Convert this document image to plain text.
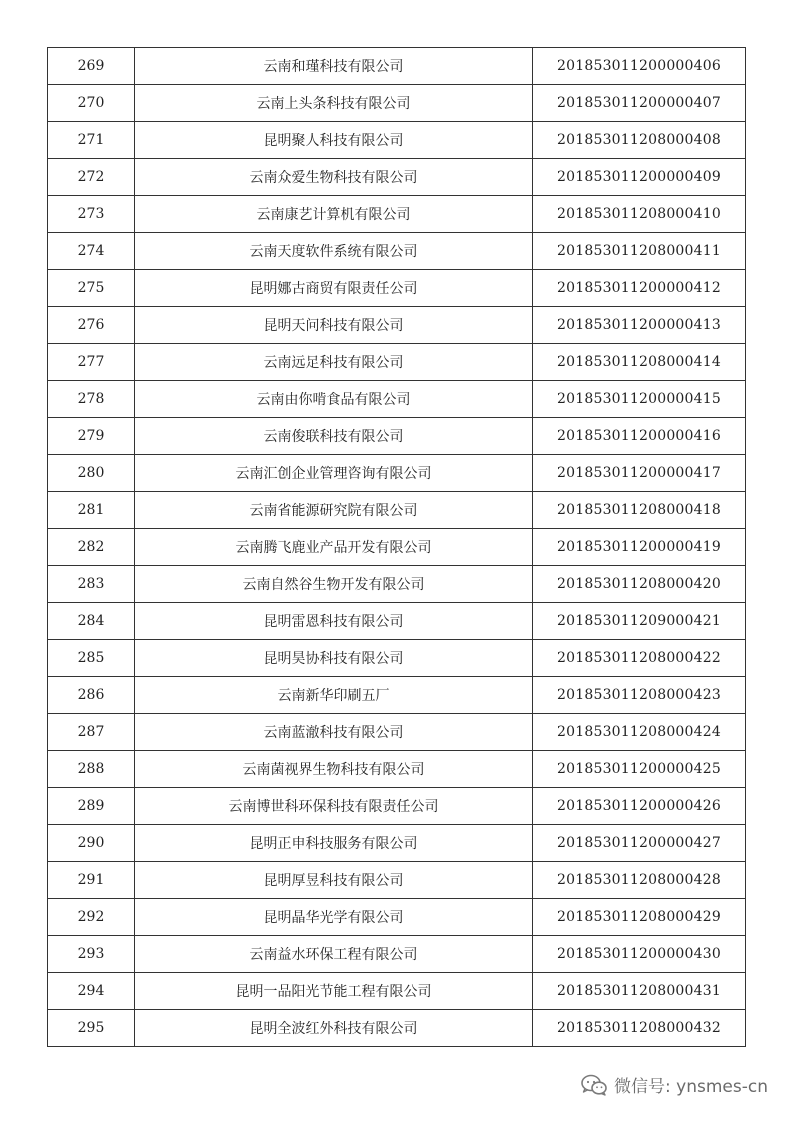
269	云南和瑾科技有限公司	201853011200000406
270	云南上头条科技有限公司	201853011200000407
271	昆明聚人科技有限公司	201853011208000408
272	云南众爱生物科技有限公司	201853011200000409
273	云南康艺计算机有限公司	201853011208000410
274	云南天度软件系统有限公司	201853011208000411
275	昆明娜古商贸有限责任公司	201853011200000412
276	昆明天问科技有限公司	201853011200000413
277	云南远足科技有限公司	201853011208000414
278	云南由你啃食品有限公司	201853011200000415
279	云南俊联科技有限公司	201853011200000416
280	云南汇创企业管理咨询有限公司	201853011200000417
281	云南省能源研究院有限公司	201853011208000418
282	云南腾飞鹿业产品开发有限公司	201853011200000419
283	云南自然谷生物开发有限公司	201853011208000420
284	昆明雷恩科技有限公司	201853011209000421
285	昆明昊协科技有限公司	201853011208000422
286	云南新华印刷五厂	201853011208000423
287	云南蓝澈科技有限公司	201853011208000424
288	云南菌视界生物科技有限公司	201853011200000425
289	云南博世科环保科技有限责任公司	201853011200000426
290	昆明正申科技服务有限公司	201853011200000427
291	昆明厚昱科技有限公司	201853011208000428
292	昆明晶华光学有限公司	201853011208000429
293	云南益水环保工程有限公司	201853011200000430
294	昆明一品阳光节能工程有限公司	201853011208000431
295	昆明全波红外科技有限公司	201853011208000432
微信号: ynsmes-cn
